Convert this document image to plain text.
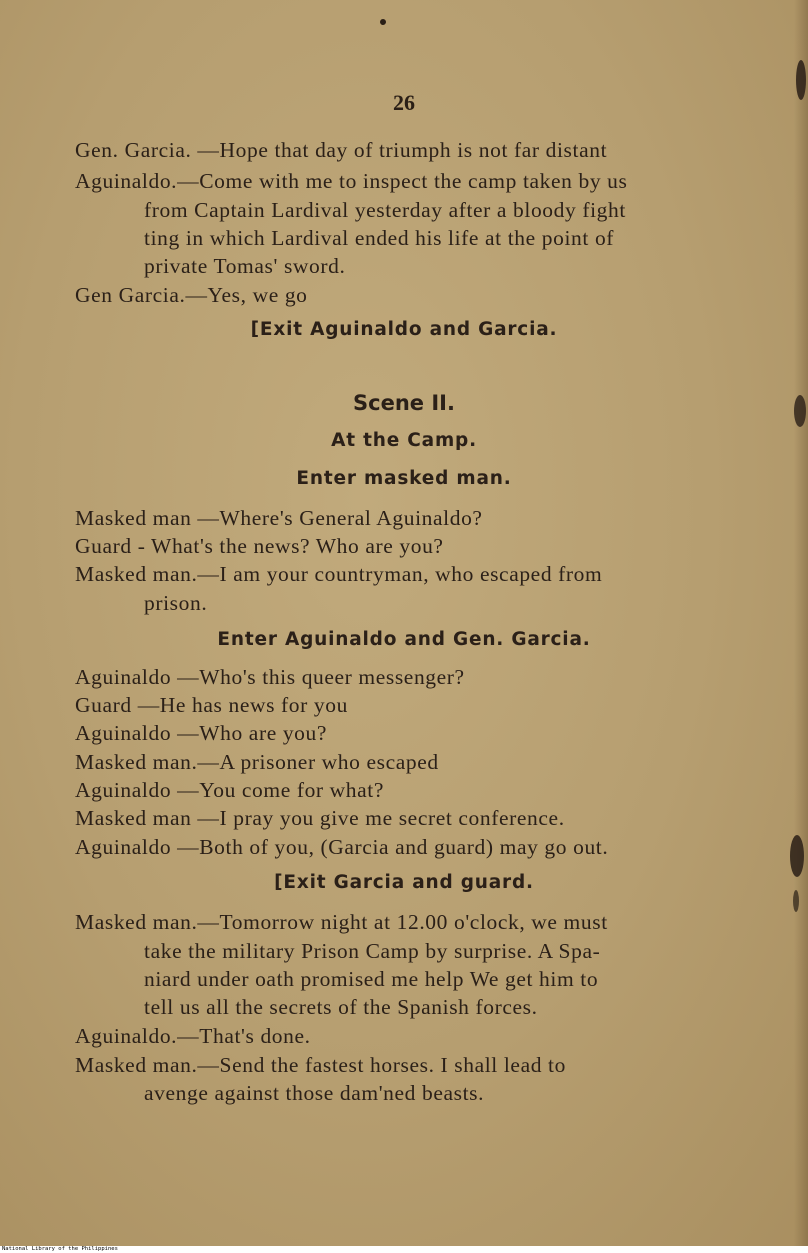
26
Gen. Garcia. —Hope that day of triumph is not far distant
Aguinaldo.—Come with me to inspect the camp taken by us
from Captain Lardival yesterday after a bloody fight
ting in which Lardival ended his life at the point of
private Tomas' sword.
Gen Garcia.—Yes, we go
[Exit Aguinaldo and Garcia.
Scene II.
At the Camp.
Enter masked man.
Masked man —Where's General Aguinaldo?
Guard - What's the news? Who are you?
Masked man.—I am your countryman, who escaped from
prison.
Enter Aguinaldo and Gen. Garcia.
Aguinaldo —Who's this queer messenger?
Guard —He has news for you
Aguinaldo —Who are you?
Masked man.—A prisoner who escaped
Aguinaldo —You come for what?
Masked man —I pray you give me secret conference.
Aguinaldo —Both of you, (Garcia and guard) may go out.
[Exit Garcia and guard.
Masked man.—Tomorrow night at 12.00 o'clock, we must
take the military Prison Camp by surprise. A Spa-
niard under oath promised me help We get him to
tell us all the secrets of the Spanish forces.
Aguinaldo.—That's done.
Masked man.—Send the fastest horses. I shall lead to
avenge against those dam'ned beasts.
National Library of the Philippines
